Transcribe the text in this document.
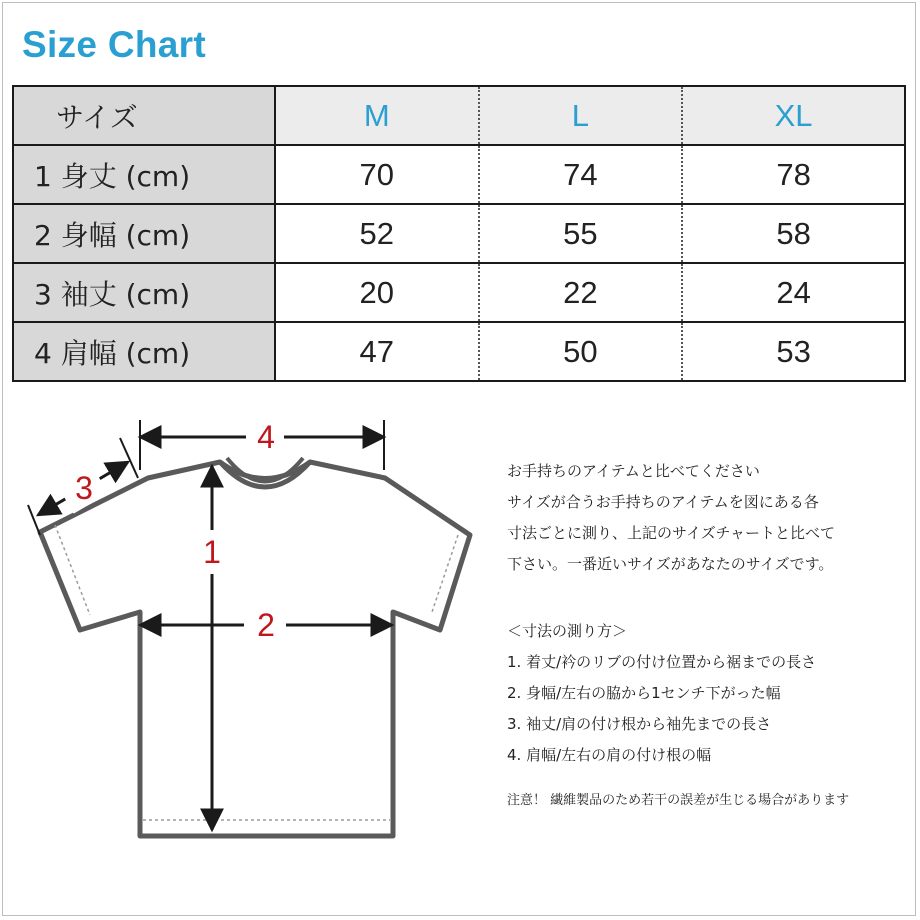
Size Chart
サイズ	M	L	XL
1 身丈 (cm)	70	74	78
2 身幅 (cm)	52	55	58
3 袖丈 (cm)	20	22	24
4 肩幅 (cm)	47	50	53
4
1
2
3	お手持ちのアイテムと比べてください

サイズが合うお手持ちのアイテムを図にある各

寸法ごとに測り、上記のサイズチャートと比べて

下さい。一番近いサイズがあなたのサイズです。

＜寸法の測り方＞

1. 着丈/衿のリブの付け位置から裾までの長さ

2. 身幅/左右の脇から1センチ下がった幅

3. 袖丈/肩の付け根から袖先までの長さ

4. 肩幅/左右の肩の付け根の幅

注意！ 繊維製品のため若干の誤差が生じる場合があります
